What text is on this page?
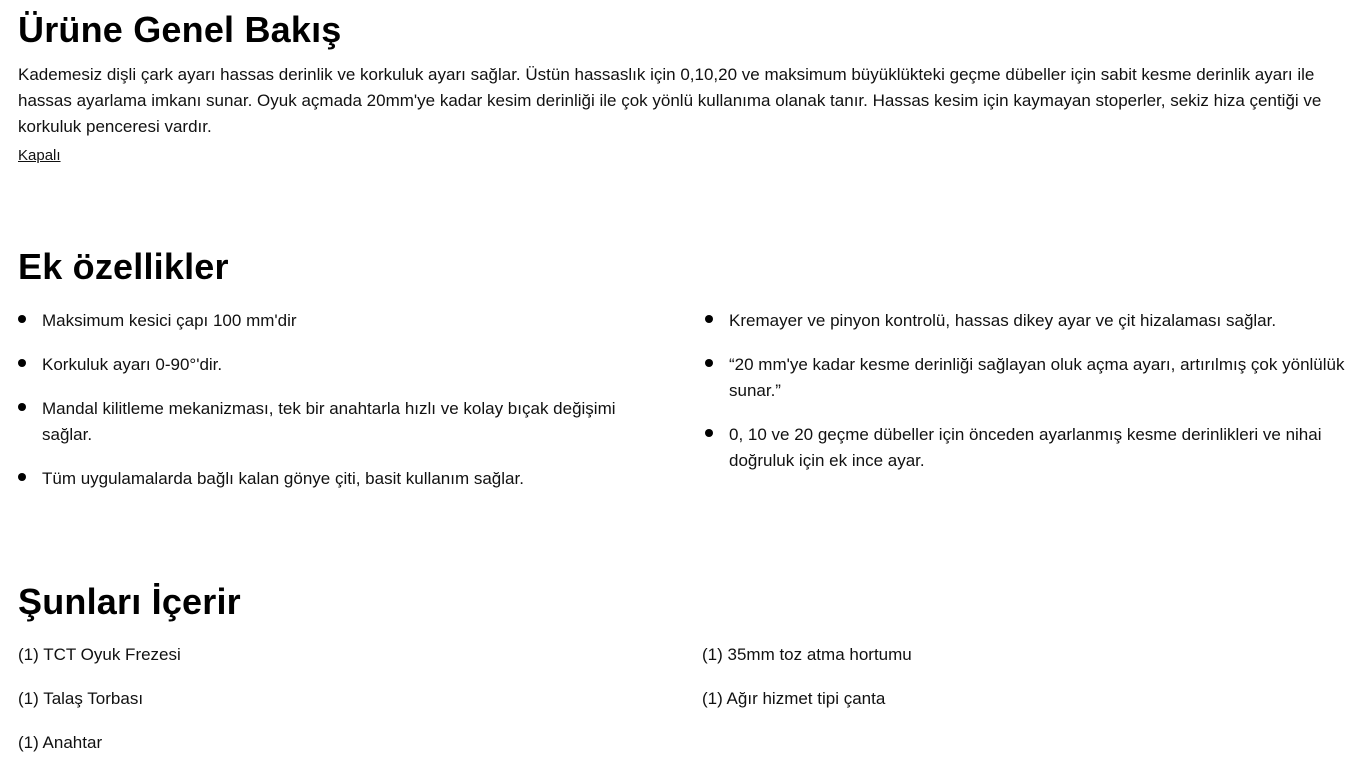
Ürüne Genel Bakış

Kademesiz dişli çark ayarı hassas derinlik ve korkuluk ayarı sağlar. Üstün hassaslık için 0,10,20 ve maksimum büyüklükteki geçme dübeller için sabit kesme derinlik ayarı ile hassas ayarlama imkanı sunar. Oyuk açmada 20mm'ye kadar kesim derinliği ile çok yönlü kullanıma olanak tanır. Hassas kesim için kaymayan stoperler, sekiz hiza çentiği ve korkuluk penceresi vardır.

Kapalı
Ek özellikler
Maksimum kesici çapı 100 mm'dir
Korkuluk ayarı 0-90°'dir.
Mandal kilitleme mekanizması, tek bir anahtarla hızlı ve kolay bıçak değişimi sağlar.
Tüm uygulamalarda bağlı kalan gönye çiti, basit kullanım sağlar.
Kremayer ve pinyon kontrolü, hassas dikey ayar ve çit hizalaması sağlar.
“20 mm'ye kadar kesme derinliği sağlayan oluk açma ayarı, artırılmış çok yönlülük sunar.”
0, 10 ve 20 geçme dübeller için önceden ayarlanmış kesme derinlikleri ve nihai doğruluk için ek ince ayar.
Şunları İçerir
(1) TCT Oyuk Frezesi
(1) Talaş Torbası
(1) Anahtar
(1) 35mm toz atma hortumu
(1) Ağır hizmet tipi çanta
